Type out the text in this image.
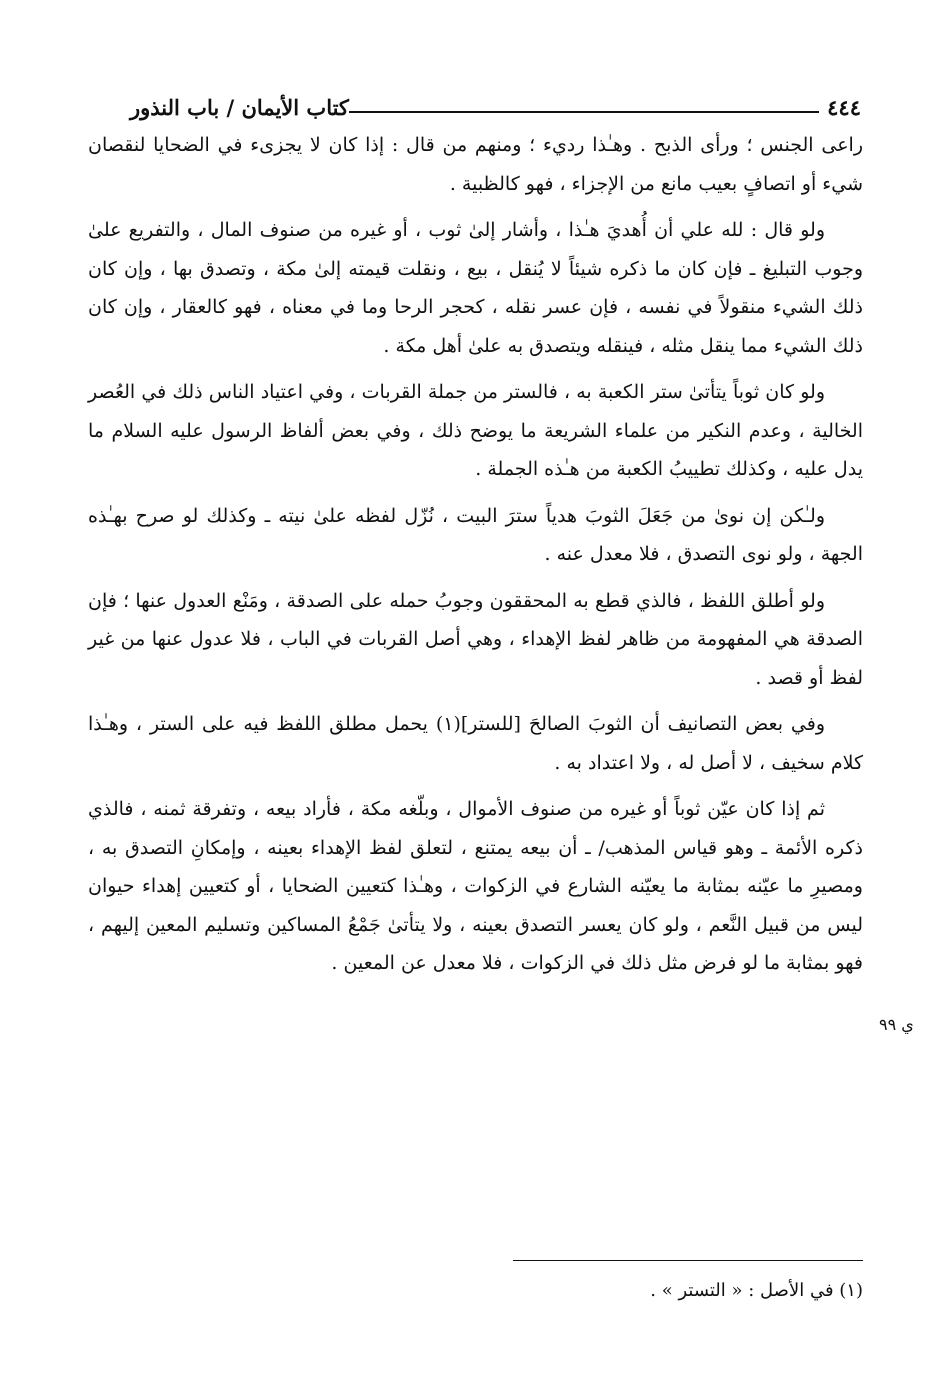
٤٤٤
كتاب الأيمان / باب النذور

راعى الجنس ؛ ورأى الذبح . وهـٰذا رديء ؛ ومنهم من قال : إذا كان لا يجزىء في الضحايا لنقصان شيء أو اتصافٍ بعيب مانع من الإجزاء ، فهو كالظبية .

ولو قال : لله علي أن أُهديَ هـٰذا ، وأشار إلىٰ ثوب ، أو غيره من صنوف المال ، والتفريع علىٰ وجوب التبليغ ـ فإن كان ما ذكره شيئاً لا يُنقل ، بيع ، ونقلت قيمته إلىٰ مكة ، وتصدق بها ، وإن كان ذلك الشيء منقولاً في نفسه ، فإن عسر نقله ، كحجر الرحا وما في معناه ، فهو كالعقار ، وإن كان ذلك الشيء مما ينقل مثله ، فينقله ويتصدق به علىٰ أهل مكة .

ولو كان ثوباً يتأتىٰ ستر الكعبة به ، فالستر من جملة القربات ، وفي اعتياد الناس ذلك في العُصر الخالية ، وعدم النكير من علماء الشريعة ما يوضح ذلك ، وفي بعض ألفاظ الرسول عليه السلام ما يدل عليه ، وكذلك تطييبُ الكعبة من هـٰذه الجملة .

ولـٰكن إن نوىٰ من جَعَلَ الثوبَ هدياً سترَ البيت ، نُزّل لفظه علىٰ نيته ـ وكذلك لو صرح بهـٰذه الجهة ، ولو نوى التصدق ، فلا معدل عنه .

ولو أطلق اللفظ ، فالذي قطع به المحققون وجوبُ حمله على الصدقة ، ومَنْع العدول عنها ؛ فإن الصدقة هي المفهومة من ظاهر لفظ الإهداء ، وهي أصل القربات في الباب ، فلا عدول عنها من غير لفظ أو قصد .

وفي بعض التصانيف أن الثوبَ الصالحَ [للستر](١) يحمل مطلق اللفظ فيه على الستر ، وهـٰذا كلام سخيف ، لا أصل له ، ولا اعتداد به .

ثم إذا كان عيّن ثوباً أو غيره من صنوف الأموال ، وبلّغه مكة ، فأراد بيعه ، وتفرقة ثمنه ، فالذي ذكره الأئمة ـ وهو قياس المذهب/ ـ أن بيعه يمتنع ، لتعلق لفظ الإهداء بعينه ، وإمكانِ التصدق به ، ومصيرِ ما عيّنه بمثابة ما يعيّنه الشارع في الزكوات ، وهـٰذا كتعيين الضحايا ، أو كتعيين إهداء حيوان ليس من قبيل النَّعم ، ولو كان يعسر التصدق بعينه ، ولا يتأتىٰ جَمْعُ المساكين وتسليم المعين إليهم ، فهو بمثابة ما لو فرض مثل ذلك في الزكوات ، فلا معدل عن المعين .

ي ٩٩
(١) في الأصل : « التستر » .
